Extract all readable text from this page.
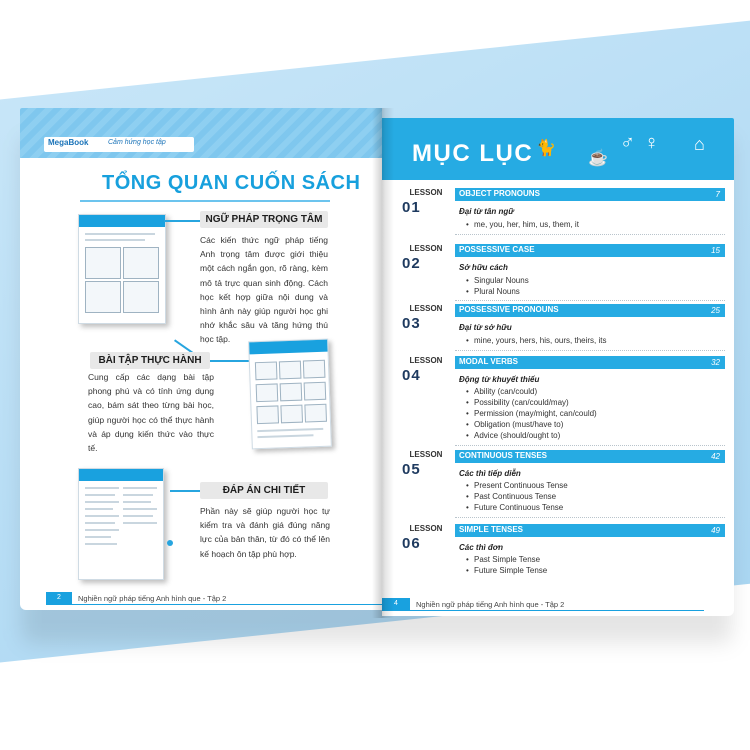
MegaBook	Cảm hứng học tập
TỔNG QUAN CUỐN SÁCH
NGỮ PHÁP TRỌNG TÂM
Các kiến thức ngữ pháp tiếng Anh trọng tâm được giới thiệu một cách ngắn gọn, rõ ràng, kèm mô tả trực quan sinh động. Cách học kết hợp giữa nội dung và hình ảnh này giúp người học ghi nhớ khắc sâu và tăng hứng thú học tập.
BÀI TẬP THỰC HÀNH
Cung cấp các dạng bài tập phong phú và có tính ứng dụng cao, bám sát theo từng bài học, giúp người học có thể thực hành và áp dụng kiến thức vào thực tế.
ĐÁP ÁN CHI TIẾT
Phần này sẽ giúp người học tự kiểm tra và đánh giá đúng năng lực của bản thân, từ đó có thể lên kế hoạch ôn tập phù hợp.
2	Nghiền ngữ pháp tiếng Anh hình que - Tập 2
MỤC LỤC 🐈
☕
♂ ♀ ⌂
LESSON
01
OBJECT PRONOUNS	7
Đại từ tân ngữ
• me, you, her, him, us, them, it
LESSON
02
POSSESSIVE CASE	15
Sở hữu cách
• Singular Nouns
• Plural Nouns
LESSON
03
POSSESSIVE PRONOUNS	25
Đại từ sở hữu
• mine, yours, hers, his, ours, theirs, its
LESSON
04
MODAL VERBS	32
Động từ khuyết thiếu
• Ability (can/could)
• Possibility (can/could/may)
• Permission (may/might, can/could)
• Obligation (must/have to)
• Advice (should/ought to)
LESSON
05
CONTINUOUS TENSES	42
Các thì tiếp diễn
• Present Continuous Tense
• Past Continuous Tense
• Future Continuous Tense
LESSON
06
SIMPLE TENSES	49
Các thì đơn
• Past Simple Tense
• Future Simple Tense
4	Nghiền ngữ pháp tiếng Anh hình que - Tập 2
